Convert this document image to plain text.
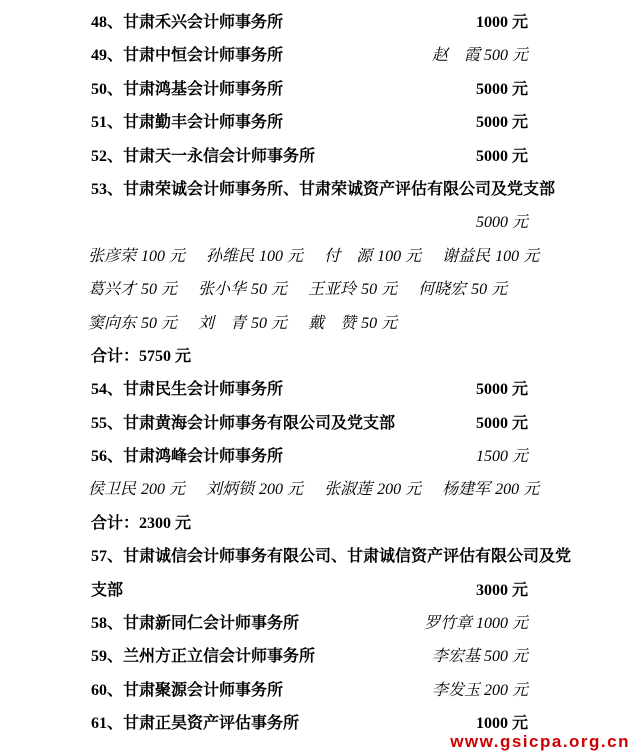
48、甘肃禾兴会计师事务所	1000 元
49、甘肃中恒会计师事务所	赵　霞 500 元
50、甘肃鸿基会计师事务所	5000 元
51、甘肃勤丰会计师事务所	5000 元
52、甘肃天一永信会计师事务所	5000 元
53、甘肃荣诚会计师事务所、甘肃荣诚资产评估有限公司及党支部
5000 元
张彦荣 100 元 孙维民 100 元 付　源 100 元 谢益民 100 元
葛兴才 50 元 张小华 50 元 王亚玲 50 元 何晓宏 50 元
窦向东 50 元 刘　青 50 元 戴　赞 50 元
合计：5750 元
54、甘肃民生会计师事务所	5000 元
55、甘肃黄海会计师事务有限公司及党支部	5000 元
56、甘肃鸿峰会计师事务所	1500 元
侯卫民 200 元 刘炳锁 200 元 张淑莲 200 元 杨建军 200 元
合计：2300 元
57、甘肃诚信会计师事务有限公司、甘肃诚信资产评估有限公司及党
支部	3000 元
58、甘肃新同仁会计师事务所	罗竹章 1000 元
59、兰州方正立信会计师事务所	李宏基 500 元
60、甘肃聚源会计师事务所	李发玉 200 元
61、甘肃正昊资产评估事务所	1000 元
www.gsicpa.org.cn
